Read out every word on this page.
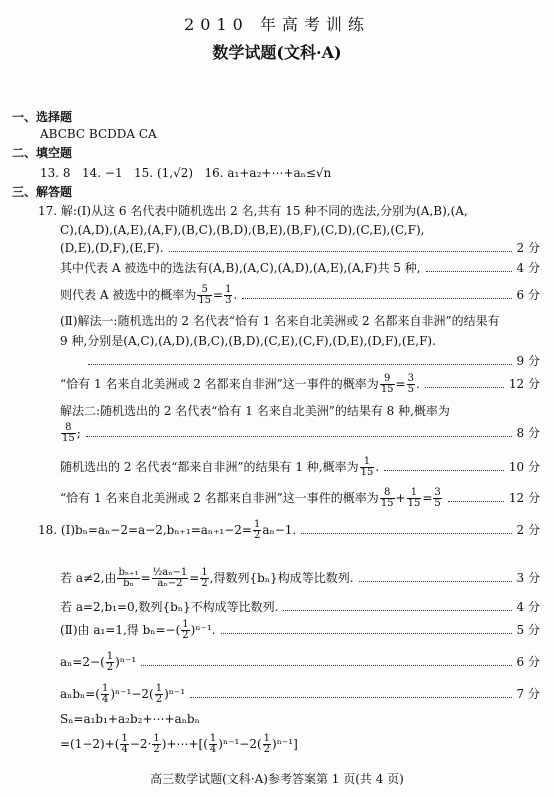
2010 年高考训练
数学试题(文科·A)
一、选择题
ABCBC BCDDA CA
二、填空题
13. 8 14. −1 15. (1,√2) 16. a₁+a₂+⋯+aₙ≤√n
三、解答题
17. 解:(Ⅰ)从这 6 名代表中随机选出 2 名,共有 15 种不同的选法,分别为(A,B),(A,
C),(A,D),(A,E),(A,F),(B,C),(B,D),(B,E),(B,F),(C,D),(C,E),(C,F),
(D,E),(D,F),(E,F).	2 分
其中代表 A 被选中的选法有(A,B),(A,C),(A,D),(A,E),(A,F)共 5 种,	4 分
则代表 A 被选中的概率为 $\frac{5}{15} = \frac{1}{3}$ .	6 分
(Ⅱ)解法一:随机选出的 2 名代表“恰有 1 名来自北美洲或 2 名都来自非洲”的结果有
9 种,分别是(A,C),(A,D),(B,C),(B,D),(C,E),(C,F),(D,E),(D,F),(E,F).
9 分
“恰有 1 名来自北美洲或 2 名都来自非洲”这一事件的概率为 $\frac{9}{15} = \frac{3}{5}$ .	12 分
解法二:随机选出的 2 名代表“恰有 1 名来自北美洲”的结果有 8 种,概率为
$\frac{8}{15}$ ;	8 分
随机选出的 2 名代表“都来自非洲”的结果有 1 种,概率为 $\frac{1}{15}$ .	10 分
“恰有 1 名来自北美洲或 2 名都来自非洲”这一事件的概率为 $\frac{8}{15} + \frac{1}{15} = \frac{3}{5}$	12 分
18. (Ⅰ)bₙ=aₙ−2=a−2,bₙ₊₁=aₙ₊₁−2= $\frac{1}{2} a_n-1$.	2 分
若 a≠2,由 $\frac{\text{bₙ₊₁}}{\text{bₙ}} = \frac{\text{½aₙ−1}}{\text{aₙ−2}} = \frac{1}{2}$ ,得数列{bₙ}构成等比数列.	3 分
若 a=2,b₁=0,数列{bₙ}不构成等比数列.	4 分
(Ⅱ)由 a₁=1,得 $b_n=-( \frac{1}{2} )^{n-1}$.	5 分
$a_n=2-( \frac{1}{2} )^{n-1}$	6 分
$a_nb_n=( \frac{1}{4} )^{n-1}-2( \frac{1}{2} )^{n-1}$	7 分
Sₙ=a₁b₁+a₂b₂+⋯+aₙbₙ
$=(1-2)+( \frac{1}{4} -2\cdot \frac{1}{2}$ )+⋯+[( $\frac{1}{4} )^{n-1}-2( \frac{1}{2} )^{n-1}$]
高三数学试题(文科·A)参考答案第 1 页(共 4 页)
